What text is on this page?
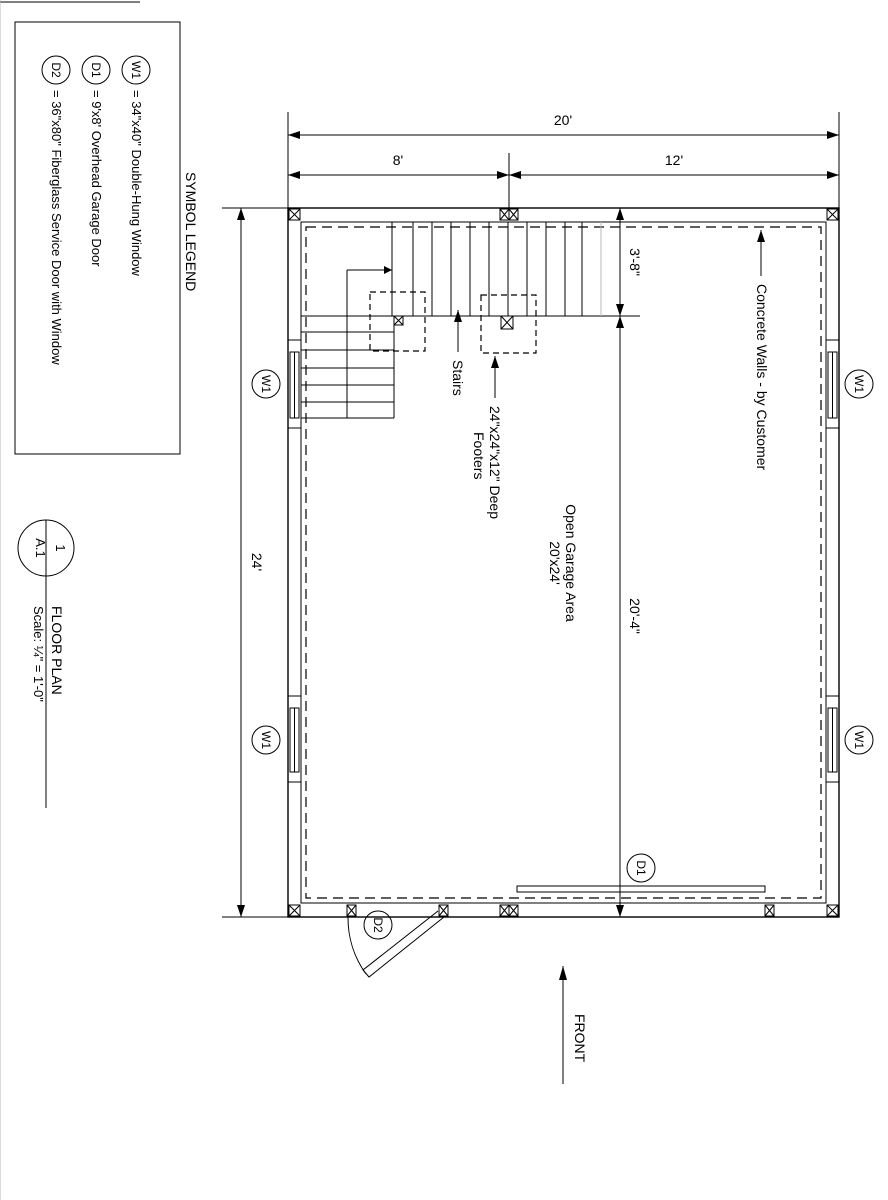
SYMBOL LEGEND
W1
= 34"x40" Double-Hung Window
D1
= 9'x8' Overhead Garage Door
D2
= 36"x80" Fiberglass Service Door with Window
1
A.1
FLOOR PLAN
Scale: ¼" = 1'-0"
W1
W1
W1
W1
D1
D2
20'
8'	12'
24'
3'-8"
20'-4"
Concrete Walls - by Customer
Stairs
24"x24"x12" Deep
Footers
Open Garage Area
20'x24'
FRONT
